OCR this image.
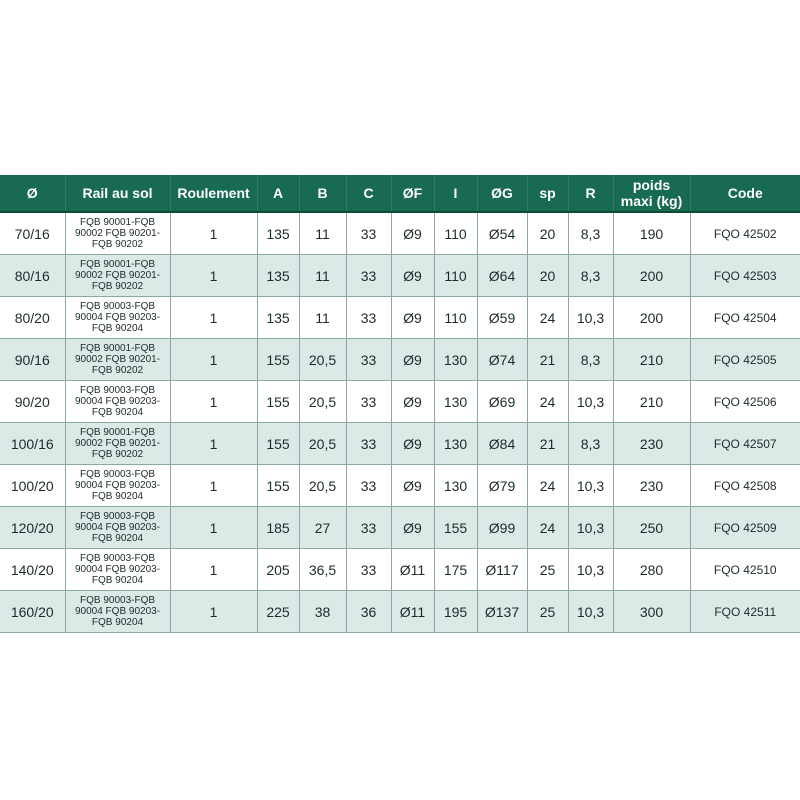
Ø	Rail au sol	Roulement	A	B	C	ØF	I	ØG	sp	R	poids
maxi (kg)	Code
70/16	FQB 90001-FQB
90002 FQB 90201-
FQB 90202	1	135	11	33	Ø9	110	Ø54	20	8,3	190	FQO 42502
80/16	FQB 90001-FQB
90002 FQB 90201-
FQB 90202	1	135	11	33	Ø9	110	Ø64	20	8,3	200	FQO 42503
80/20	FQB 90003-FQB
90004 FQB 90203-
FQB 90204	1	135	11	33	Ø9	110	Ø59	24	10,3	200	FQO 42504
90/16	FQB 90001-FQB
90002 FQB 90201-
FQB 90202	1	155	20,5	33	Ø9	130	Ø74	21	8,3	210	FQO 42505
90/20	FQB 90003-FQB
90004 FQB 90203-
FQB 90204	1	155	20,5	33	Ø9	130	Ø69	24	10,3	210	FQO 42506
100/16	FQB 90001-FQB
90002 FQB 90201-
FQB 90202	1	155	20,5	33	Ø9	130	Ø84	21	8,3	230	FQO 42507
100/20	FQB 90003-FQB
90004 FQB 90203-
FQB 90204	1	155	20,5	33	Ø9	130	Ø79	24	10,3	230	FQO 42508
120/20	FQB 90003-FQB
90004 FQB 90203-
FQB 90204	1	185	27	33	Ø9	155	Ø99	24	10,3	250	FQO 42509
140/20	FQB 90003-FQB
90004 FQB 90203-
FQB 90204	1	205	36,5	33	Ø11	175	Ø117	25	10,3	280	FQO 42510
160/20	FQB 90003-FQB
90004 FQB 90203-
FQB 90204	1	225	38	36	Ø11	195	Ø137	25	10,3	300	FQO 42511
